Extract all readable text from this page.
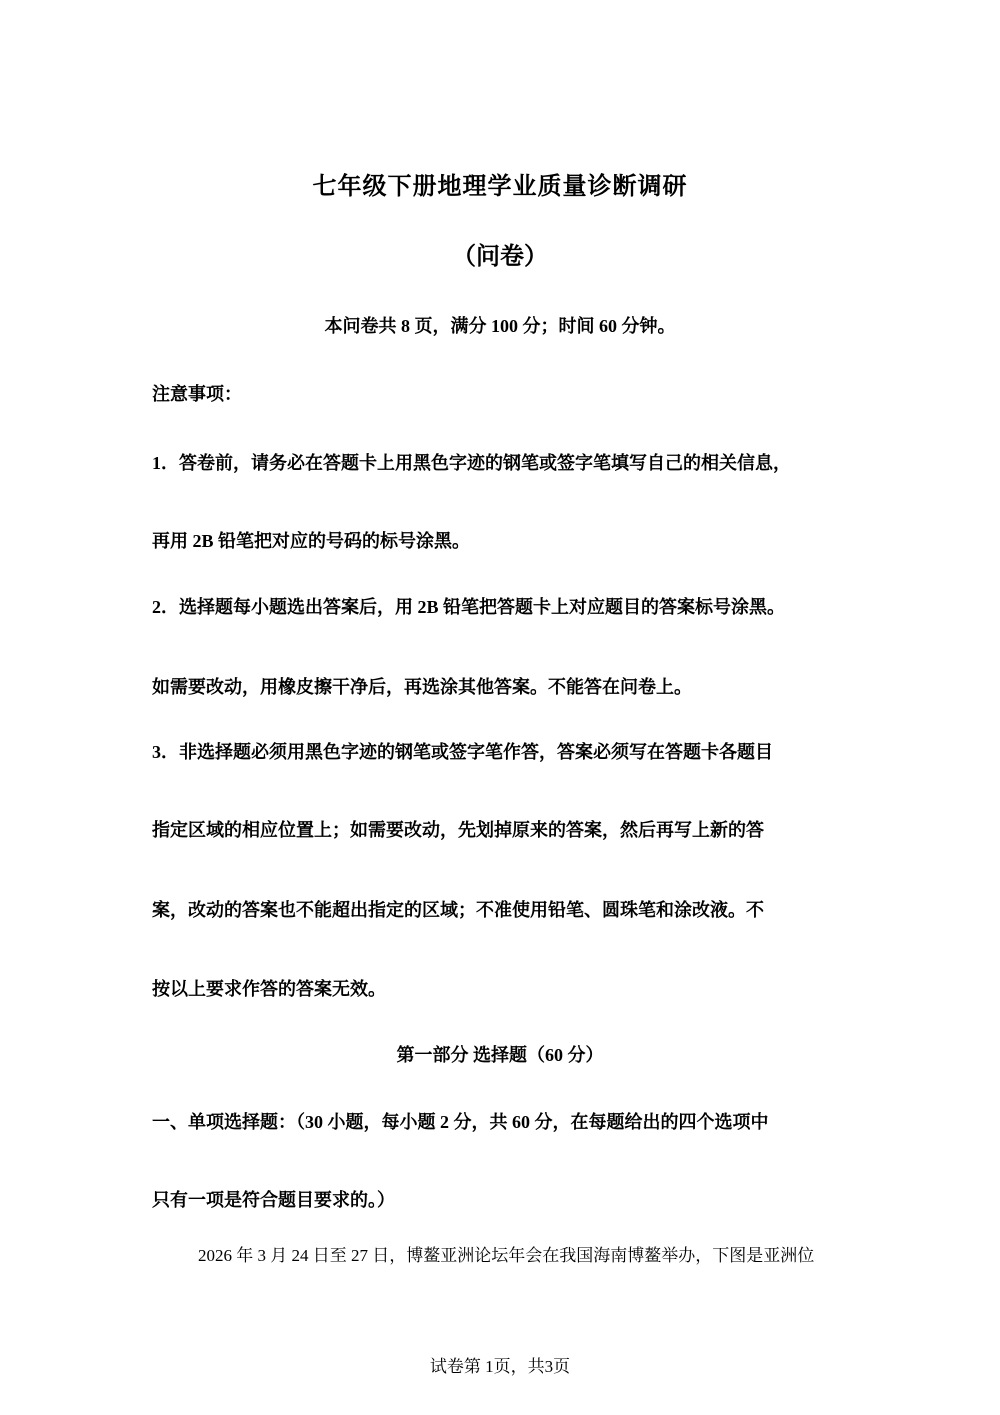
七年级下册地理学业质量诊断调研
（问卷）
本问卷共 8 页，满分 100 分；时间 60 分钟。
注意事项：
1．答卷前，请务必在答题卡上用黑色字迹的钢笔或签字笔填写自己的相关信息，
再用 2B 铅笔把对应的号码的标号涂黑。
2．选择题每小题选出答案后，用 2B 铅笔把答题卡上对应题目的答案标号涂黑。
如需要改动，用橡皮擦干净后，再选涂其他答案。不能答在问卷上。
3．非选择题必须用黑色字迹的钢笔或签字笔作答，答案必须写在答题卡各题目
指定区域的相应位置上；如需要改动，先划掉原来的答案，然后再写上新的答
案，改动的答案也不能超出指定的区域；不准使用铅笔、圆珠笔和涂改液。不
按以上要求作答的答案无效。
第一部分 选择题（60 分）
一、单项选择题：（30 小题，每小题 2 分，共 60 分，在每题给出的四个选项中
只有一项是符合题目要求的。）
2026 年 3 月 24 日至 27 日，博鳌亚洲论坛年会在我国海南博鳌举办，下图是亚洲位
试卷第 1页，共3页
